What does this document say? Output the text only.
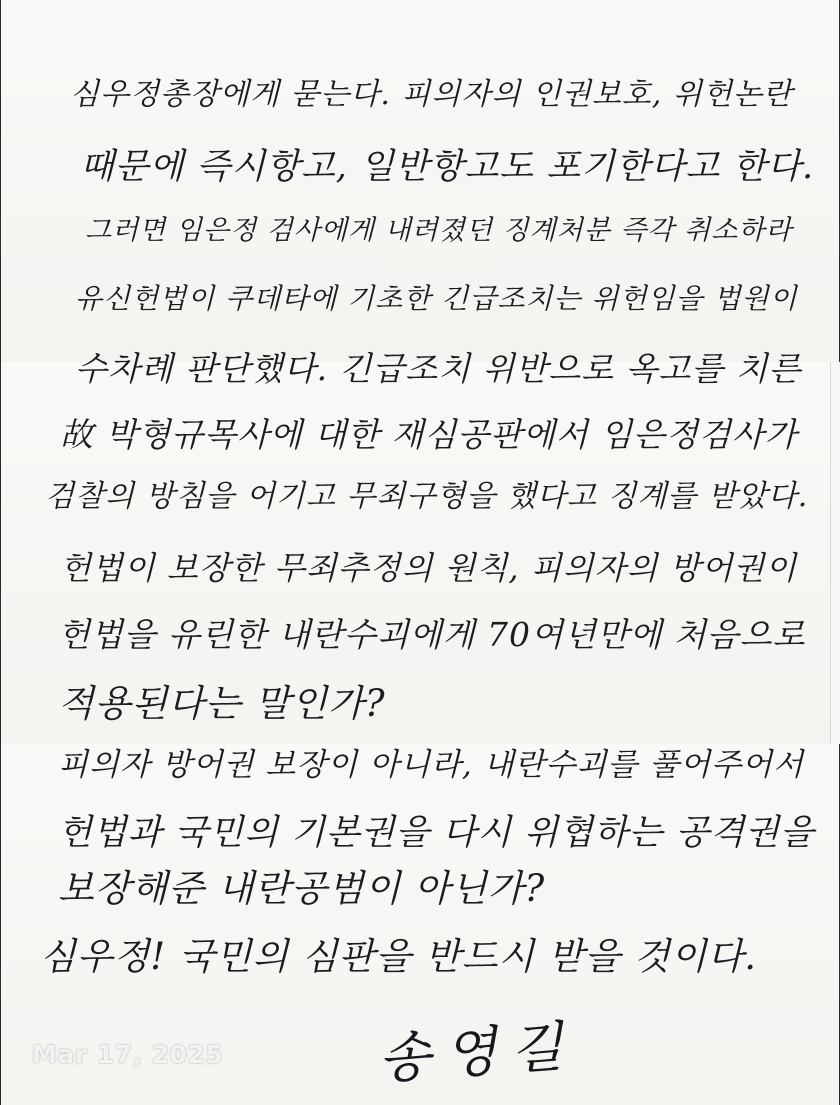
심우정총장에게 묻는다. 피의자의 인권보호, 위헌논란
때문에 즉시항고, 일반항고도 포기한다고 한다.
그러면 임은정 검사에게 내려졌던 징계처분 즉각 취소하라
유신헌법이 쿠데타에 기초한 긴급조치는 위헌임을 법원이
수차례 판단했다. 긴급조치 위반으로 옥고를 치른
故 박형규목사에 대한 재심공판에서 임은정검사가
검찰의 방침을 어기고 무죄구형을 했다고 징계를 받았다.
헌법이 보장한 무죄추정의 원칙, 피의자의 방어권이
헌법을 유린한 내란수괴에게 70여년만에 처음으로
적용된다는 말인가?
피의자 방어권 보장이 아니라, 내란수괴를 풀어주어서
헌법과 국민의 기본권을 다시 위협하는 공격권을
보장해준 내란공범이 아닌가?
심우정! 국민의 심판을 반드시 받을 것이다.
Mar 17, 2025	송영길
